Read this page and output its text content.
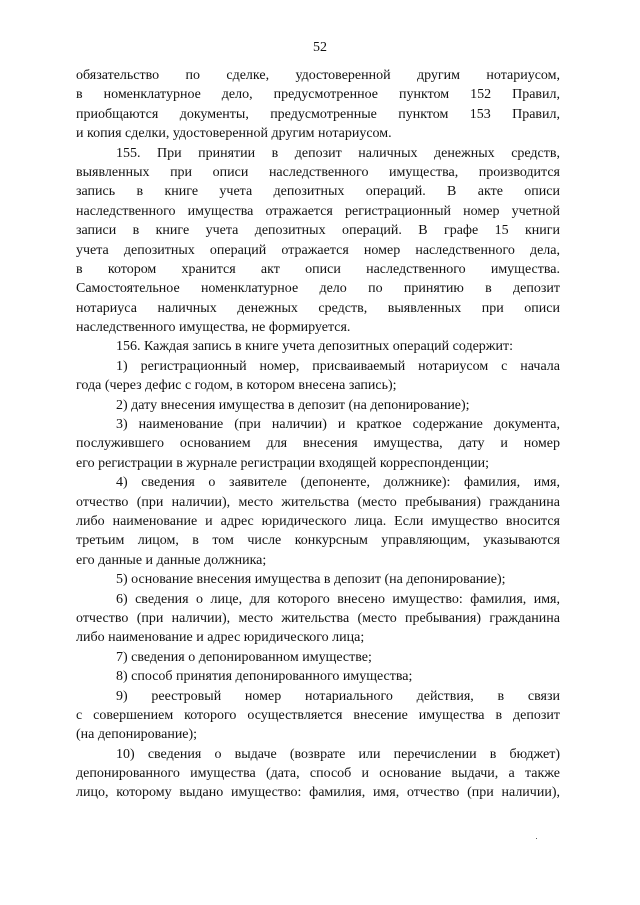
52
обязательство по сделке, удостоверенной другим нотариусом,
в номенклатурное дело, предусмотренное пунктом 152 Правил,
приобщаются документы, предусмотренные пунктом 153 Правил,
и копия сделки, удостоверенной другим нотариусом.
155. При принятии в депозит наличных денежных средств,
выявленных при описи наследственного имущества, производится
запись в книге учета депозитных операций. В акте описи
наследственного имущества отражается регистрационный номер учетной
записи в книге учета депозитных операций. В графе 15 книги
учета депозитных операций отражается номер наследственного дела,
в котором хранится акт описи наследственного имущества.
Самостоятельное номенклатурное дело по принятию в депозит
нотариуса наличных денежных средств, выявленных при описи
наследственного имущества, не формируется.
156. Каждая запись в книге учета депозитных операций содержит:
1) регистрационный номер, присваиваемый нотариусом с начала
года (через дефис с годом, в котором внесена запись);
2) дату внесения имущества в депозит (на депонирование);
3) наименование (при наличии) и краткое содержание документа,
послужившего основанием для внесения имущества, дату и номер
его регистрации в журнале регистрации входящей корреспонденции;
4) сведения о заявителе (депоненте, должнике): фамилия, имя,
отчество (при наличии), место жительства (место пребывания) гражданина
либо наименование и адрес юридического лица. Если имущество вносится
третьим лицом, в том числе конкурсным управляющим, указываются
его данные и данные должника;
5) основание внесения имущества в депозит (на депонирование);
6) сведения о лице, для которого внесено имущество: фамилия, имя,
отчество (при наличии), место жительства (место пребывания) гражданина
либо наименование и адрес юридического лица;
7) сведения о депонированном имуществе;
8) способ принятия депонированного имущества;
9) реестровый номер нотариального действия, в связи
с совершением которого осуществляется внесение имущества в депозит
(на депонирование);
10) сведения о выдаче (возврате или перечислении в бюджет)
депонированного имущества (дата, способ и основание выдачи, а также
лицо, которому выдано имущество: фамилия, имя, отчество (при наличии),
